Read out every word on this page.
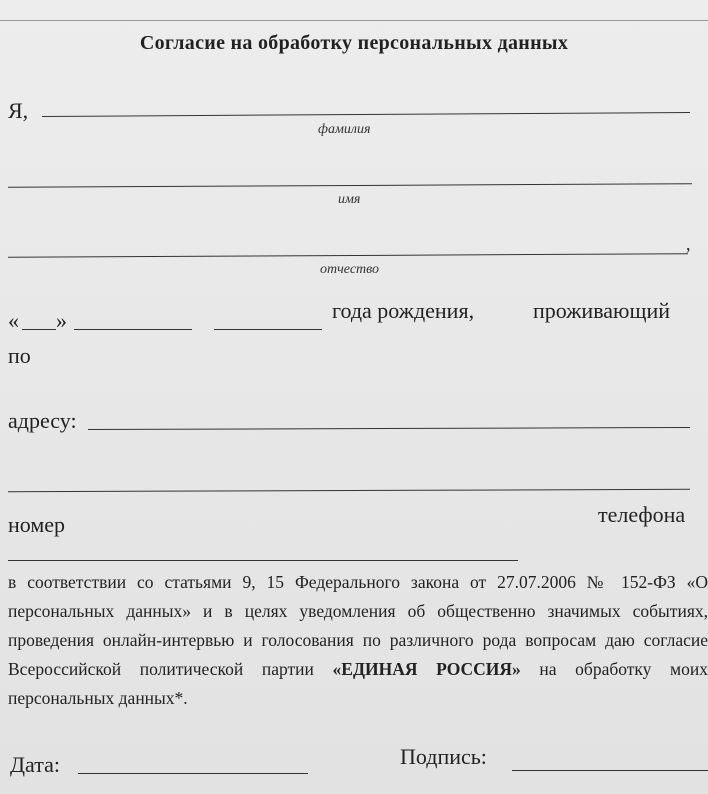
Согласие на обработку персональных данных
Я,
фамилия
имя
,
отчество
« »	года рождения,	проживающий
по
адресу:
номер	телефона
в соответствии со статьями 9, 15 Федерального закона от 27.07.2006 № 152-ФЗ «О персональных данных» и в целях уведомления об общественно значимых событиях, проведения онлайн-интервью и голосования по различного рода вопросам даю согласие Всероссийской политической партии «ЕДИНАЯ РОССИЯ» на обработку моих персональных данных*.
Дата:	Подпись:
